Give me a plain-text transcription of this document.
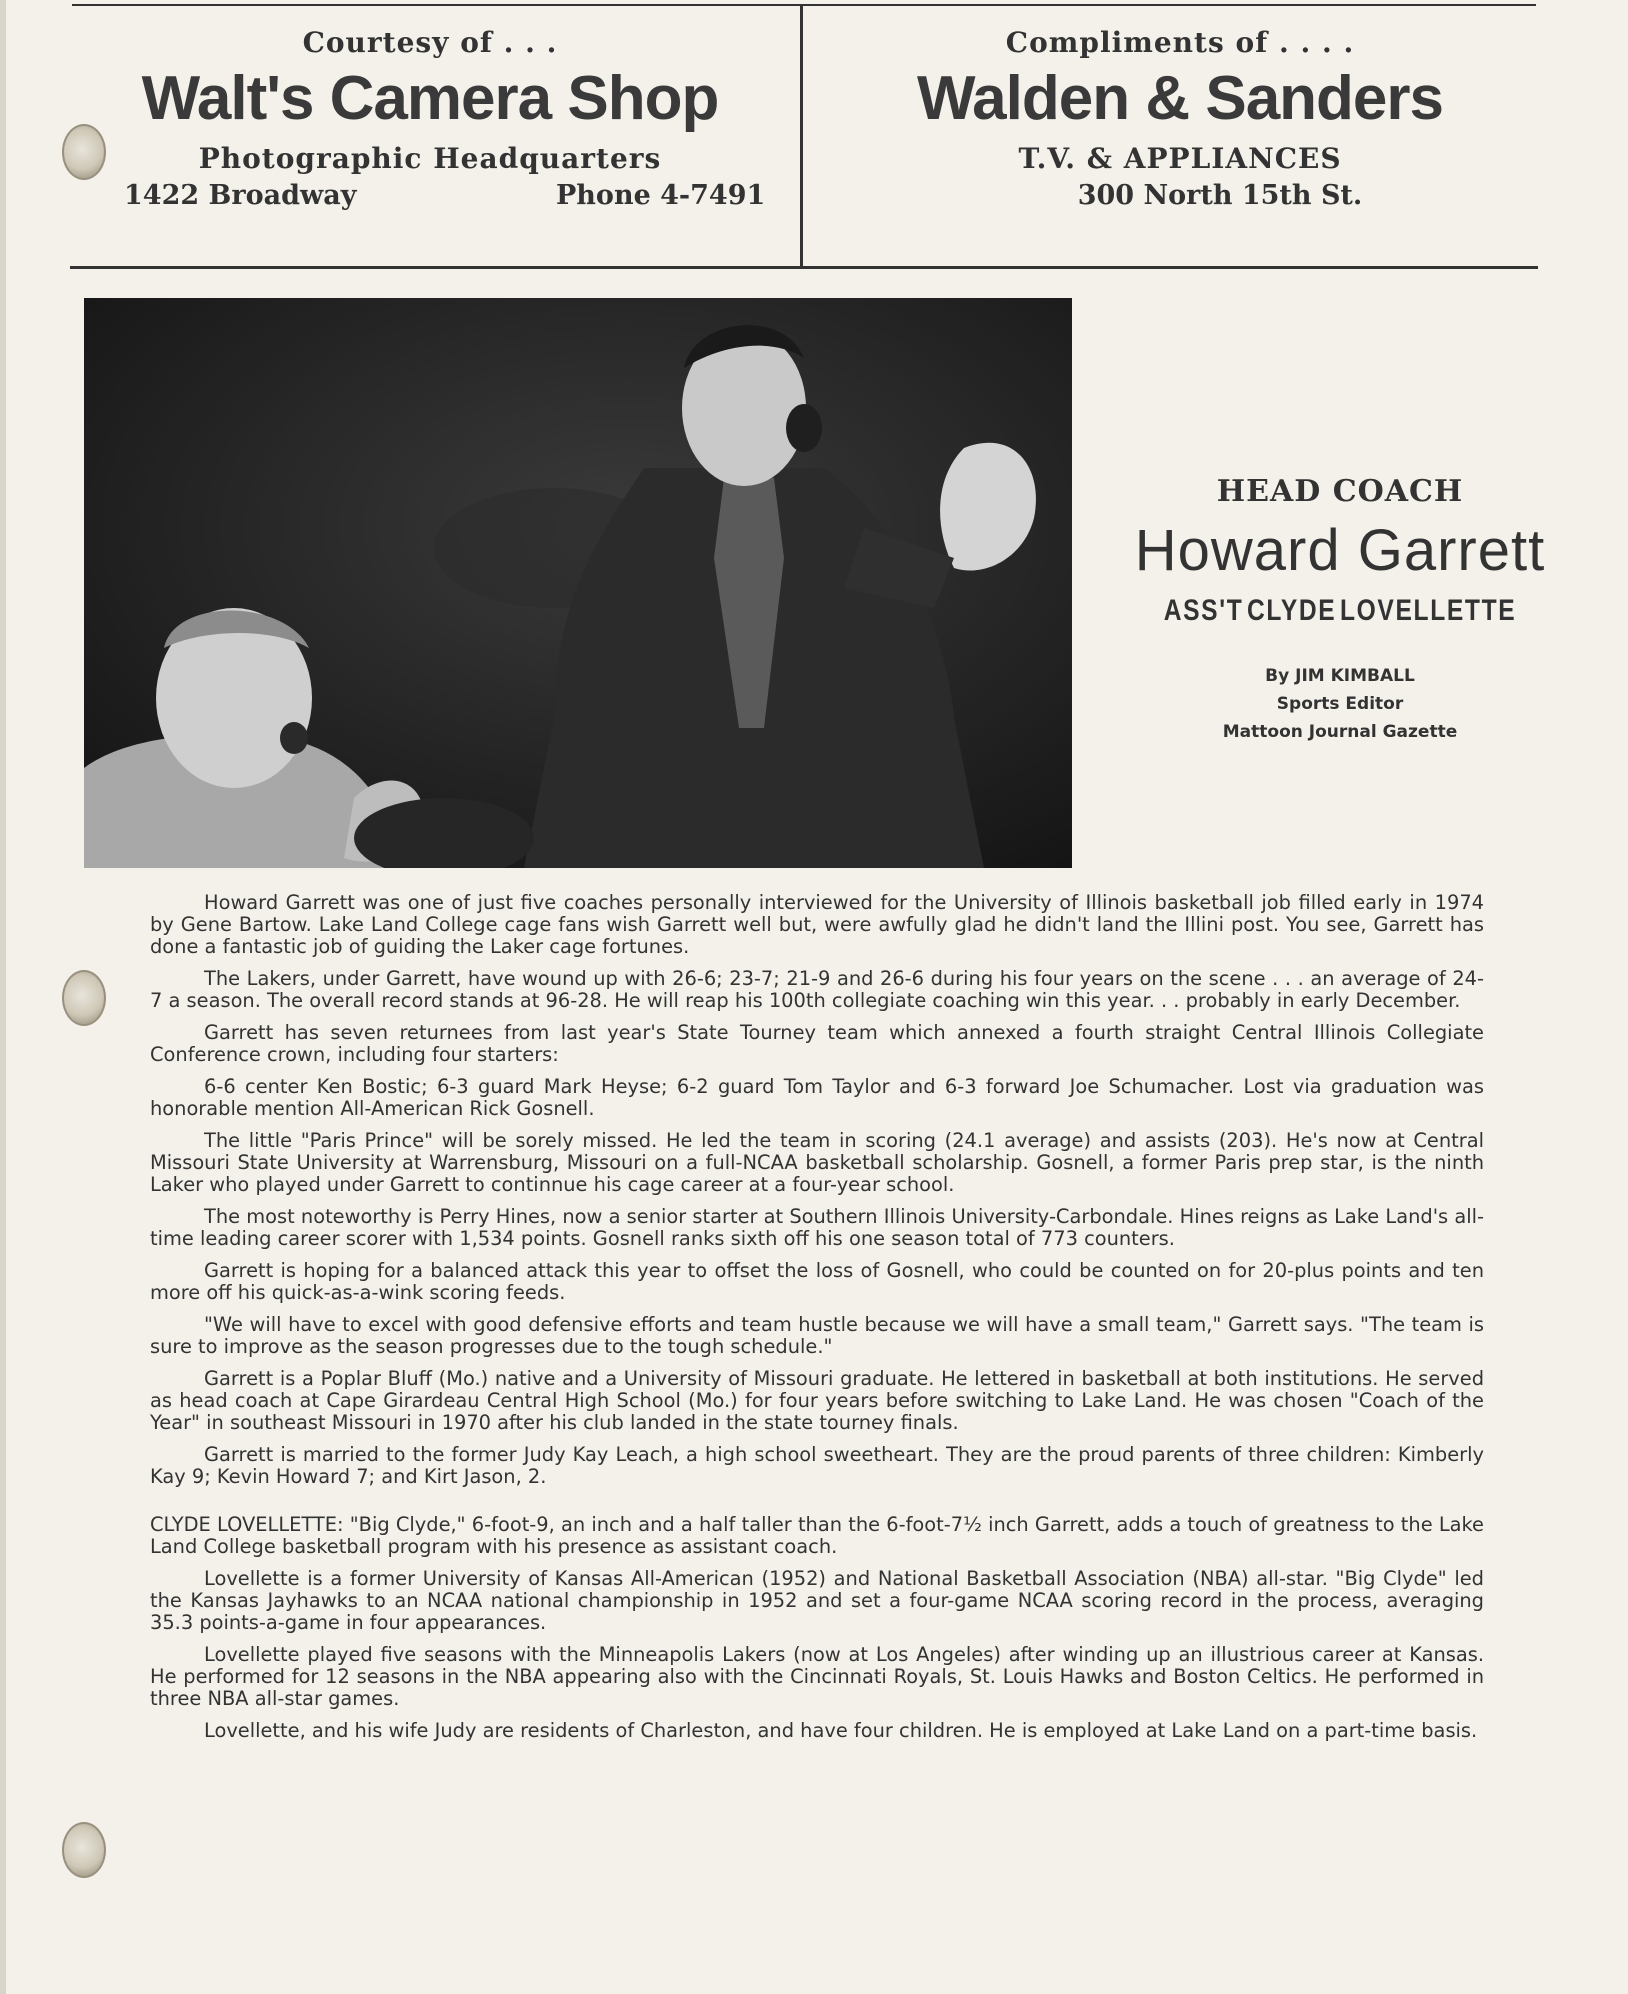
Courtesy of . . .
Walt's Camera Shop
Photographic Headquarters
1422 Broadway	Phone 4-7491
Compliments of . . . .
Walden & Sanders
T.V. & APPLIANCES
300 North 15th St.
HEAD COACH
Howard Garrett
ASS'T CLYDE LOVELLETTE
By JIM KIMBALL
Sports Editor
Mattoon Journal Gazette

Howard Garrett was one of just five coaches personally interviewed for the University of Illinois basketball job filled early in 1974 by Gene Bartow. Lake Land College cage fans wish Garrett well but, were awfully glad he didn't land the Illini post. You see, Garrett has done a fantastic job of guiding the Laker cage fortunes.

The Lakers, under Garrett, have wound up with 26-6; 23-7; 21-9 and 26-6 during his four years on the scene . . . an average of 24-7 a season. The overall record stands at 96-28. He will reap his 100th collegiate coaching win this year. . . probably in early December.

Garrett has seven returnees from last year's State Tourney team which annexed a fourth straight Central Illinois Collegiate Conference crown, including four starters:

6-6 center Ken Bostic; 6-3 guard Mark Heyse; 6-2 guard Tom Taylor and 6-3 forward Joe Schumacher. Lost via graduation was honorable mention All-American Rick Gosnell.

The little "Paris Prince" will be sorely missed. He led the team in scoring (24.1 average) and assists (203). He's now at Central Missouri State University at Warrensburg, Missouri on a full-NCAA basketball scholarship. Gosnell, a former Paris prep star, is the ninth Laker who played under Garrett to continnue his cage career at a four-year school.

The most noteworthy is Perry Hines, now a senior starter at Southern Illinois University-Carbondale. Hines reigns as Lake Land's all-time leading career scorer with 1,534 points. Gosnell ranks sixth off his one season total of 773 counters.

Garrett is hoping for a balanced attack this year to offset the loss of Gosnell, who could be counted on for 20-plus points and ten more off his quick-as-a-wink scoring feeds.

"We will have to excel with good defensive efforts and team hustle because we will have a small team," Garrett says. "The team is sure to improve as the season progresses due to the tough schedule."

Garrett is a Poplar Bluff (Mo.) native and a University of Missouri graduate. He lettered in basketball at both institutions. He served as head coach at Cape Girardeau Central High School (Mo.) for four years before switching to Lake Land. He was chosen "Coach of the Year" in southeast Missouri in 1970 after his club landed in the state tourney finals.

Garrett is married to the former Judy Kay Leach, a high school sweetheart. They are the proud parents of three children: Kimberly Kay 9; Kevin Howard 7; and Kirt Jason, 2.

CLYDE LOVELLETTE: "Big Clyde," 6-foot-9, an inch and a half taller than the 6-foot-7½ inch Garrett, adds a touch of greatness to the Lake Land College basketball program with his presence as assistant coach.

Lovellette is a former University of Kansas All-American (1952) and National Basketball Association (NBA) all-star. "Big Clyde" led the Kansas Jayhawks to an NCAA national championship in 1952 and set a four-game NCAA scoring record in the process, averaging 35.3 points-a-game in four appearances.

Lovellette played five seasons with the Minneapolis Lakers (now at Los Angeles) after winding up an illustrious career at Kansas. He performed for 12 seasons in the NBA appearing also with the Cincinnati Royals, St. Louis Hawks and Boston Celtics. He performed in three NBA all-star games.

Lovellette, and his wife Judy are residents of Charleston, and have four children. He is employed at Lake Land on a part-time basis.
